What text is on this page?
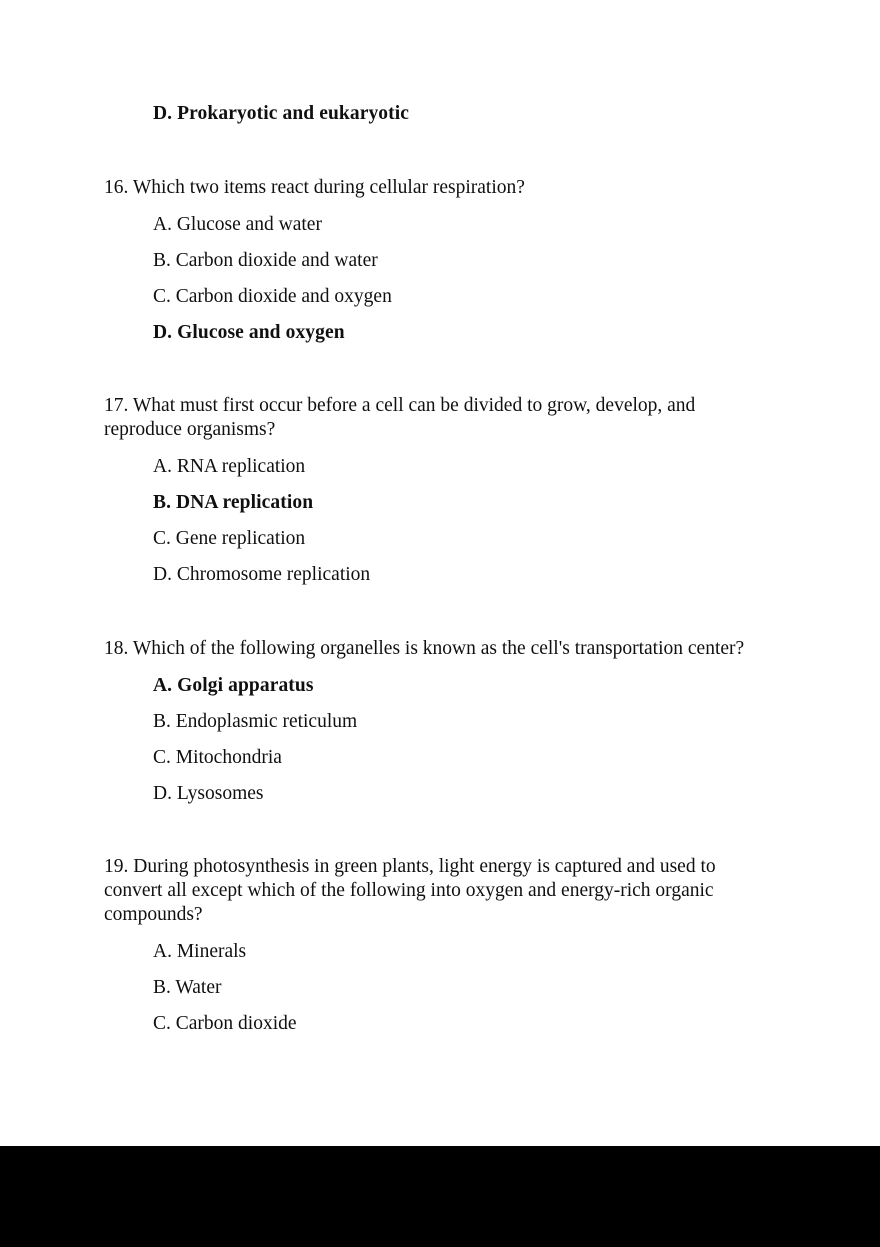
D. Prokaryotic and eukaryotic

16. Which two items react during cellular respiration?

A. Glucose and water
B. Carbon dioxide and water
C. Carbon dioxide and oxygen
D. Glucose and oxygen

17. What must first occur before a cell can be divided to grow, develop, and reproduce organisms?

A. RNA replication
B. DNA replication
C. Gene replication
D. Chromosome replication

18. Which of the following organelles is known as the cell's transportation center?

A. Golgi apparatus
B. Endoplasmic reticulum
C. Mitochondria
D. Lysosomes

19. During photosynthesis in green plants, light energy is captured and used to convert all except which of the following into oxygen and energy-rich organic compounds?

A. Minerals
B. Water
C. Carbon dioxide
